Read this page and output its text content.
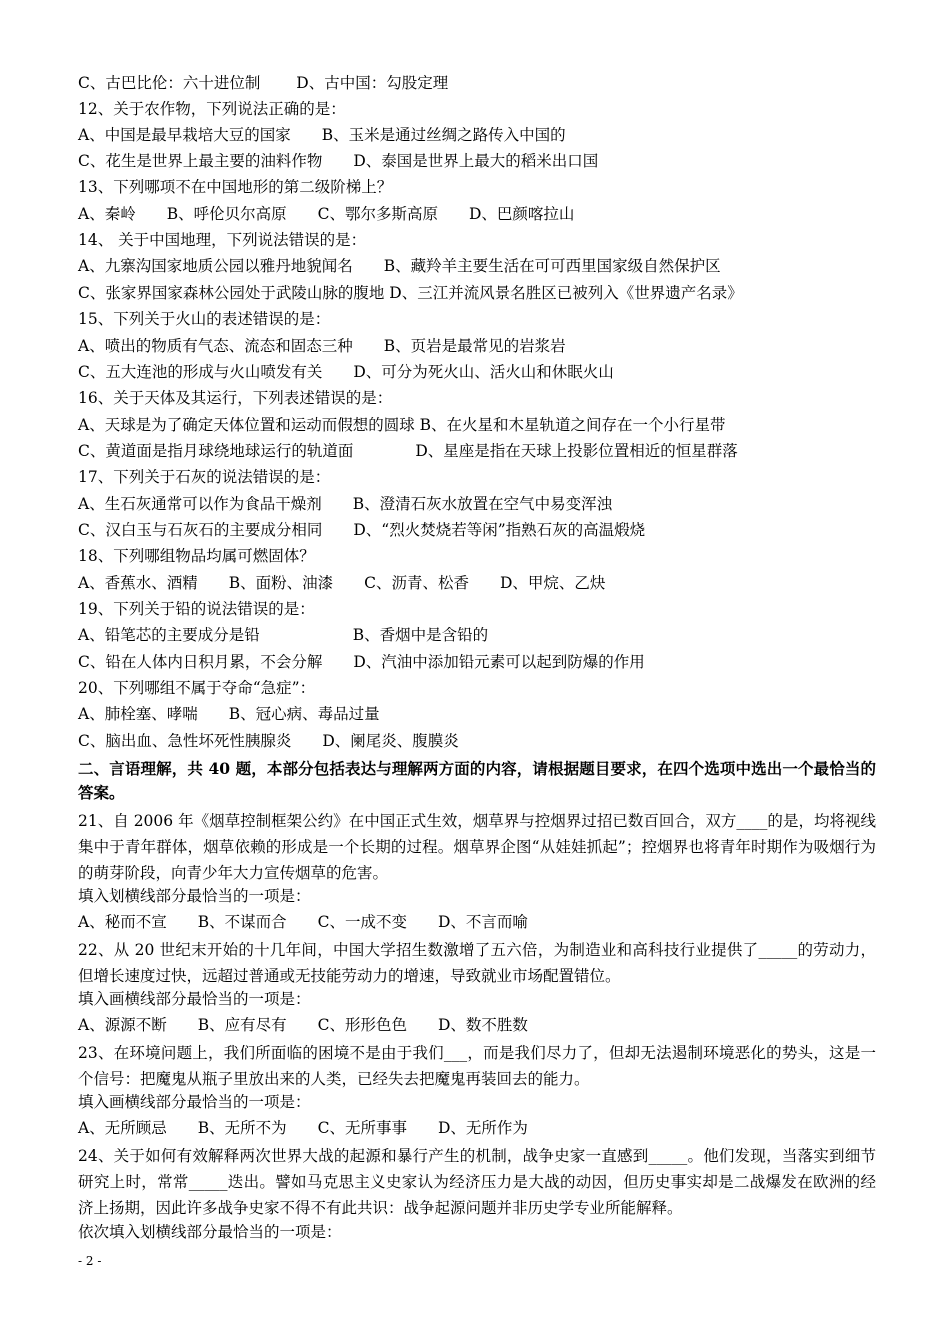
C、古巴比伦：六十进位制　　 D、古中国：勾股定理
12、关于农作物，下列说法正确的是：
A、中国是最早栽培大豆的国家　　B、玉米是通过丝绸之路传入中国的
C、花生是世界上最主要的油料作物　　D、泰国是世界上最大的稻米出口国
13、下列哪项不在中国地形的第二级阶梯上？
A、秦岭　　B、呼伦贝尔高原　　C、鄂尔多斯高原　　D、巴颜喀拉山
14、 关于中国地理，下列说法错误的是：
A、九寨沟国家地质公园以雅丹地貌闻名　　B、藏羚羊主要生活在可可西里国家级自然保护区
C、张家界国家森林公园处于武陵山脉的腹地 D、三江并流风景名胜区已被列入《世界遗产名录》
15、下列关于火山的表述错误的是：
A、喷出的物质有气态、流态和固态三种　　B、页岩是最常见的岩浆岩
C、五大连池的形成与火山喷发有关　　D、可分为死火山、活火山和休眠火山
16、关于天体及其运行，下列表述错误的是：
A、天球是为了确定天体位置和运动而假想的圆球 B、在火星和木星轨道之间存在一个小行星带
C、黄道面是指月球绕地球运行的轨道面　　　　D、星座是指在天球上投影位置相近的恒星群落
17、下列关于石灰的说法错误的是：
A、生石灰通常可以作为食品干燥剂　　B、澄清石灰水放置在空气中易变浑浊
C、汉白玉与石灰石的主要成分相同　　D、“烈火焚烧若等闲”指熟石灰的高温煅烧
18、下列哪组物品均属可燃固体？
A、香蕉水、酒精　　B、面粉、油漆　　C、沥青、松香　　D、甲烷、乙炔
19、下列关于铅的说法错误的是：
A、铅笔芯的主要成分是铅　　　　　　B、香烟中是含铅的
C、铅在人体内日积月累，不会分解　　D、汽油中添加铅元素可以起到防爆的作用
20、下列哪组不属于夺命“急症”：
A、肺栓塞、哮喘　　B、冠心病、毒品过量
C、脑出血、急性坏死性胰腺炎　　D、阑尾炎、腹膜炎
二、言语理解，共 40 题，本部分包括表达与理解两方面的内容，请根据题目要求，在四个选项中选出一个最恰当的答案。
21、自 2006 年《烟草控制框架公约》在中国正式生效，烟草界与控烟界过招已数百回合，双方____的是，均将视线集中于青年群体，烟草依赖的形成是一个长期的过程。烟草界企图“从娃娃抓起”；控烟界也将青年时期作为吸烟行为的萌芽阶段，向青少年大力宣传烟草的危害。
填入划横线部分最恰当的一项是：
A、秘而不宣　　B、不谋而合　　C、一成不变　　D、不言而喻
22、从 20 世纪末开始的十几年间，中国大学招生数激增了五六倍，为制造业和高科技行业提供了_____的劳动力，但增长速度过快，远超过普通或无技能劳动力的增速，导致就业市场配置错位。
填入画横线部分最恰当的一项是：
A、源源不断　　B、应有尽有　　C、形形色色　　D、数不胜数
23、在环境问题上，我们所面临的困境不是由于我们___，而是我们尽力了，但却无法遏制环境恶化的势头，这是一个信号：把魔鬼从瓶子里放出来的人类，已经失去把魔鬼再装回去的能力。
填入画横线部分最恰当的一项是：
A、无所顾忌　　B、无所不为　　C、无所事事　　D、无所作为
24、关于如何有效解释两次世界大战的起源和暴行产生的机制，战争史家一直感到_____。他们发现，当落实到细节研究上时，常常_____迭出。譬如马克思主义史家认为经济压力是大战的动因，但历史事实却是二战爆发在欧洲的经济上扬期，因此许多战争史家不得不有此共识：战争起源问题并非历史学专业所能解释。
依次填入划横线部分最恰当的一项是：
- 2 -
